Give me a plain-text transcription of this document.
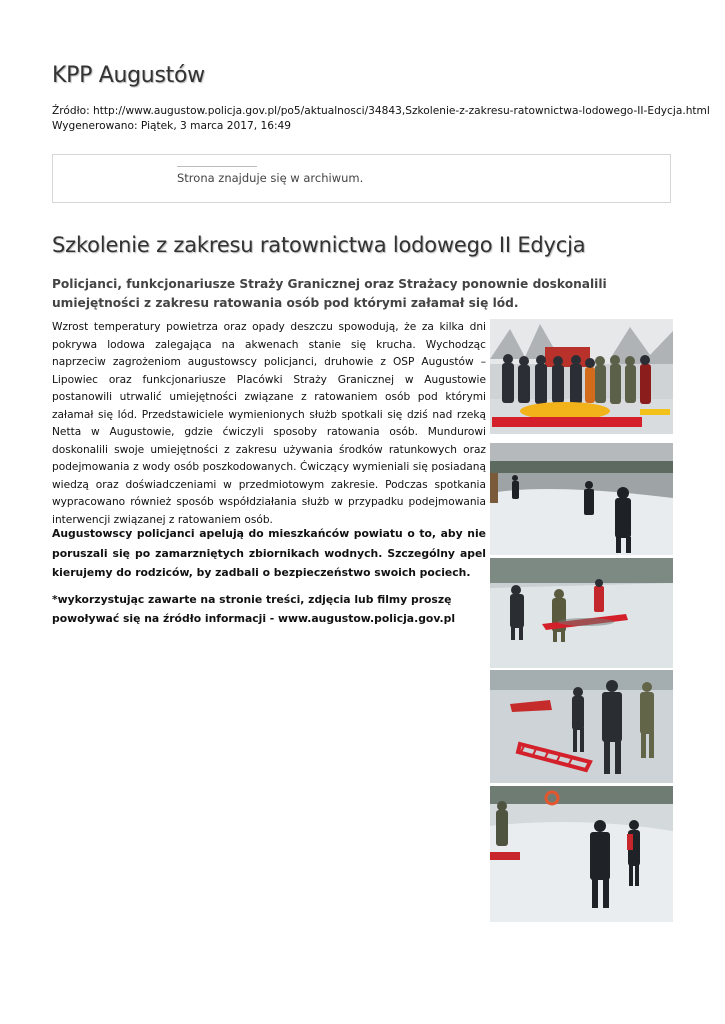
KPP Augustów
Źródło: http://www.augustow.policja.gov.pl/po5/aktualnosci/34843,Szkolenie-z-zakresu-ratownictwa-lodowego-II-Edycja.html
Wygenerowano: Piątek, 3 marca 2017, 16:49
Strona znajduje się w archiwum.
Szkolenie z zakresu ratownictwa lodowego II Edycja

Policjanci, funkcjonariusze Straży Granicznej oraz Strażacy ponownie doskonalili umiejętności z zakresu ratowania osób pod którymi załamał się lód.

Wzrost temperatury powietrza oraz opady deszczu spowodują, że za kilka dni pokrywa lodowa zalegająca na akwenach stanie się krucha. Wychodząc naprzeciw zagrożeniom augustowscy policjanci, druhowie z OSP Augustów – Lipowiec oraz funkcjonariusze Placówki Straży Granicznej w Augustowie postanowili utrwalić umiejętności związane z ratowaniem osób pod którymi załamał się lód. Przedstawiciele wymienionych służb spotkali się dziś nad rzeką Netta w Augustowie, gdzie ćwiczyli sposoby ratowania osób. Mundurowi doskonalili swoje umiejętności z zakresu używania środków ratunkowych oraz podejmowania z wody osób poszkodowanych. Ćwiczący wymieniali się posiadaną wiedzą oraz doświadczeniami w przedmiotowym zakresie. Podczas spotkania wypracowano również sposób współdziałania służb w przypadku podejmowania interwencji związanej z ratowaniem osób.

Augustowscy policjanci apelują do mieszkańców powiatu o to, aby nie poruszali się po zamarzniętych zbiornikach wodnych. Szczególny apel kierujemy do rodziców, by zadbali o bezpieczeństwo swoich pociech.

*wykorzystując zawarte na stronie treści, zdjęcia lub filmy proszę powoływać się na źródło informacji - www.augustow.policja.gov.pl
